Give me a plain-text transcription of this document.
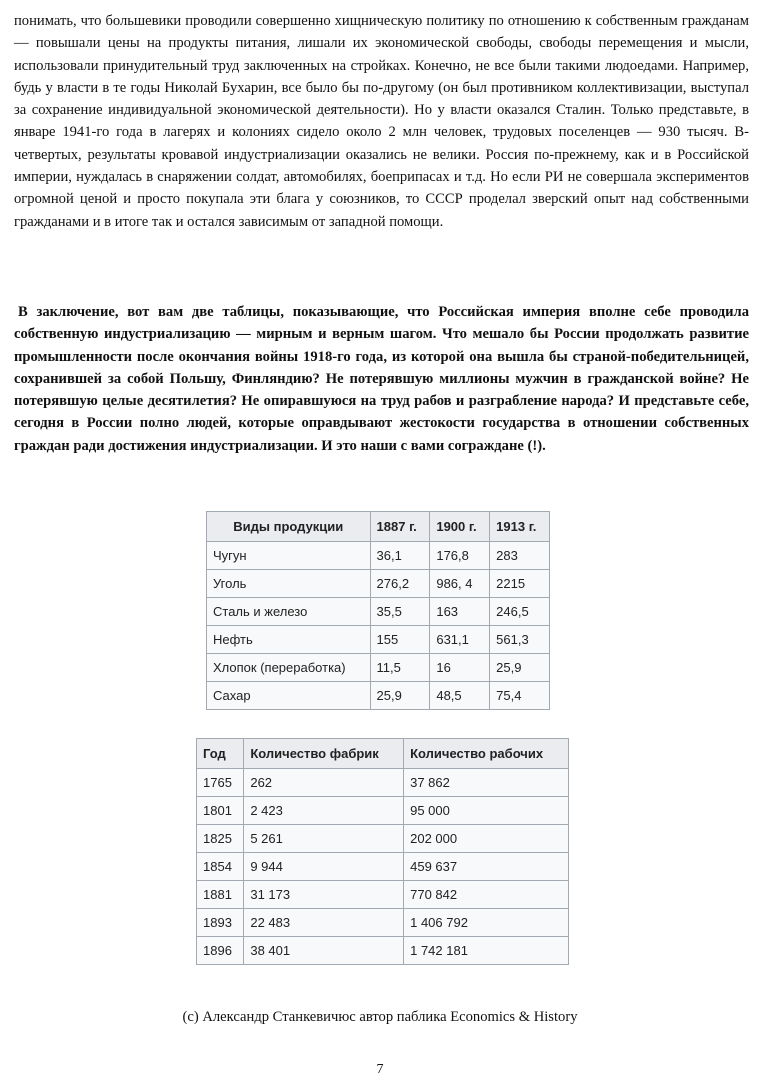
понимать, что большевики проводили совершенно хищническую политику по отношению к собственным гражданам — повышали цены на продукты питания, лишали их экономической свободы, свободы перемещения и мысли, использовали принудительный труд заключенных на стройках. Конечно, не все были такими людоедами. Например, будь у власти в те годы Николай Бухарин, все было бы по-другому (он был противником коллективизации, выступал за сохранение индивидуальной экономической деятельности). Но у власти оказался Сталин. Только представьте, в январе 1941-го года в лагерях и колониях сидело около 2 млн человек, трудовых поселенцев — 930 тысяч. В-четвертых, результаты кровавой индустриализации оказались не велики. Россия по-прежнему, как и в Российской империи, нуждалась в снаряжении солдат, автомобилях, боеприпасах и т.д. Но если РИ не совершала экспериментов огромной ценой и просто покупала эти блага у союзников, то СССР проделал зверский опыт над собственными гражданами и в итоге так и остался зависимым от западной помощи.

В заключение, вот вам две таблицы, показывающие, что Российская империя вполне себе проводила собственную индустриализацию — мирным и верным шагом. Что мешало бы России продолжать развитие промышленности после окончания войны 1918-го года, из которой она вышла бы страной-победительницей, сохранившей за собой Польшу, Финляндию? Не потерявшую миллионы мужчин в гражданской войне? Не потерявшую целые десятилетия? Не опиравшуюся на труд рабов и разграбление народа? И представьте себе, сегодня в России полно людей, которые оправдывают жестокости государства в отношении собственных граждан ради достижения индустриализации. И это наши с вами сограждане (!).

Виды продукции	1887 г.	1900 г.	1913 г.
Чугун	36,1	176,8	283
Уголь	276,2	986, 4	2215
Сталь и железо	35,5	163	246,5
Нефть	155	631,1	561,3
Хлопок (переработка)	11,5	16	25,9
Сахар	25,9	48,5	75,4
Год	Количество фабрик	Количество рабочих
1765	262	37 862
1801	2 423	95 000
1825	5 261	202 000
1854	9 944	459 637
1881	31 173	770 842
1893	22 483	1 406 792
1896	38 401	1 742 181

(с) Александр Станкевичюс автор паблика Economics & History

7
